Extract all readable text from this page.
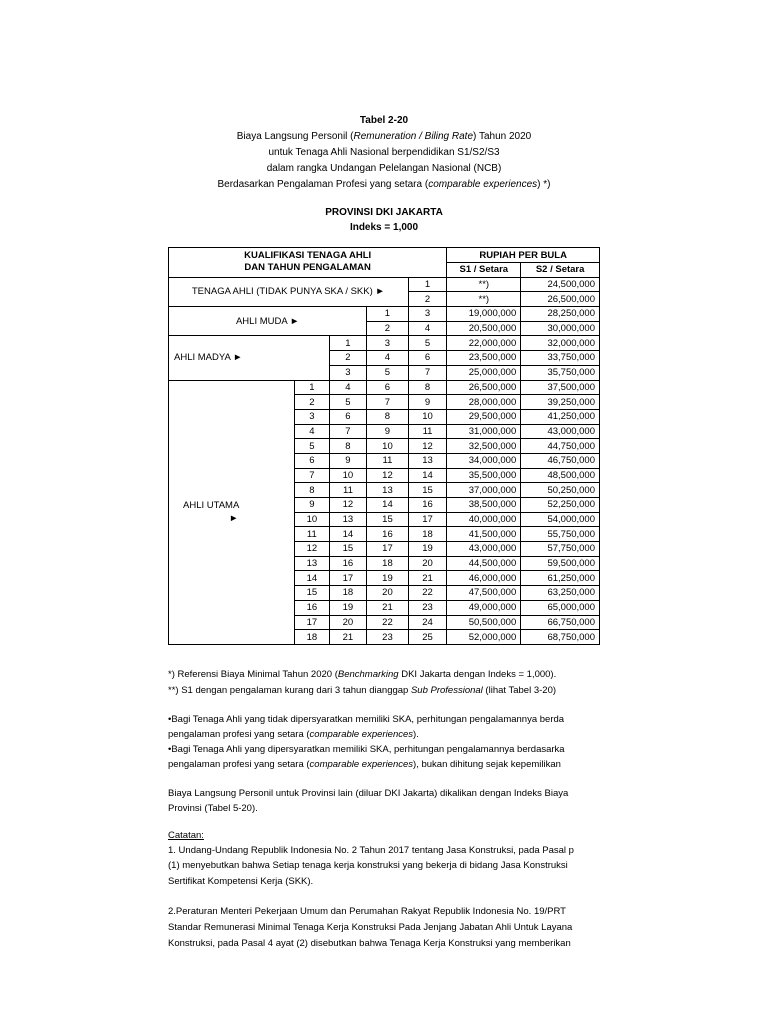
Tabel 2-20
Biaya Langsung Personil (Remuneration / Biling Rate) Tahun 2020
untuk Tenaga Ahli Nasional berpendidikan S1/S2/S3
dalam rangka Undangan Pelelangan Nasional (NCB)
Berdasarkan Pengalaman Profesi yang setara (comparable experiences) *)
PROVINSI DKI JAKARTA
Indeks = 1,000
KUALIFIKASI TENAGA AHLI
DAN TAHUN PENGALAMAN					RUPIAH PER BULA	
					S1 / Setara	S2 / Setara
TENAGA AHLI (TIDAK PUNYA SKA / SKK) ►				1	**)	24,500,000
				2	**)	26,500,000
AHLI MUDA ►			1	3	19,000,000	28,250,000
			2	4	20,500,000	30,000,000
AHLI MADYA ►		1	3	5	22,000,000	32,000,000
		2	4	6	23,500,000	33,750,000
		3	5	7	25,000,000	35,750,000

AHLI UTAMA
►	1	4	6	8	26,500,000	37,500,000
	2	5	7	9	28,000,000	39,250,000
	3	6	8	10	29,500,000	41,250,000
	4	7	9	11	31,000,000	43,000,000
	5	8	10	12	32,500,000	44,750,000
	6	9	11	13	34,000,000	46,750,000
	7	10	12	14	35,500,000	48,500,000
	8	11	13	15	37,000,000	50,250,000
	9	12	14	16	38,500,000	52,250,000
	10	13	15	17	40,000,000	54,000,000
	11	14	16	18	41,500,000	55,750,000
	12	15	17	19	43,000,000	57,750,000
	13	16	18	20	44,500,000	59,500,000
	14	17	19	21	46,000,000	61,250,000
	15	18	20	22	47,500,000	63,250,000
	16	19	21	23	49,000,000	65,000,000
	17	20	22	24	50,500,000	66,750,000
	18	21	23	25	52,000,000	68,750,000
*) Referensi Biaya Minimal Tahun 2020 (Benchmarking DKI Jakarta dengan Indeks = 1,000).
**) S1 dengan pengalaman kurang dari 3 tahun dianggap Sub Professional (lihat Tabel 3-20)
•Bagi Tenaga Ahli yang tidak dipersyaratkan memiliki SKA, perhitungan pengalamannya berda
pengalaman profesi yang setara (comparable experiences).
•Bagi Tenaga Ahli yang dipersyaratkan memiliki SKA, perhitungan pengalamannya berdasarka
pengalaman profesi yang setara (comparable experiences), bukan dihitung sejak kepemilikan
Biaya Langsung Personil untuk Provinsi lain (diluar DKI Jakarta) dikalikan dengan Indeks Biaya
Provinsi (Tabel 5-20).
Catatan:
1. Undang-Undang Republik Indonesia No. 2 Tahun 2017 tentang Jasa Konstruksi, pada Pasal p
(1) menyebutkan bahwa Setiap tenaga kerja konstruksi yang bekerja di bidang Jasa Konstruksi
Sertifikat Kompetensi Kerja (SKK).
2.Peraturan Menteri Pekerjaan Umum dan Perumahan Rakyat Republik Indonesia No. 19/PRT
Standar Remunerasi Minimal Tenaga Kerja Konstruksi Pada Jenjang Jabatan Ahli Untuk Layana
Konstruksi, pada Pasal 4 ayat (2) disebutkan bahwa Tenaga Kerja Konstruksi yang memberikan
